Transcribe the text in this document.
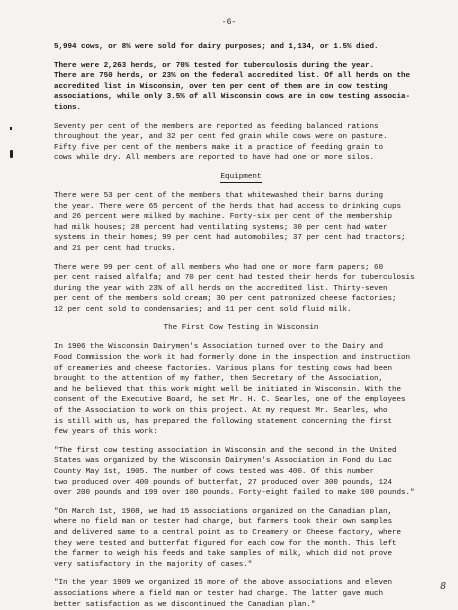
-6-

5,994 cows, or 8% were sold for dairy purposes; and 1,134, or 1.5% died.

There were 2,263 herds, or 70% tested for tuberculosis during the year.
There are 750 herds, or 23% on the federal accredited list. Of all herds on the
accredited list in Wisconsin, over ten per cent of them are in cow testing
associations, while only 3.5% of all Wisconsin cows are in cow testing associa-
tions.

Seventy per cent of the members are reported as feeding balanced rations
throughout the year, and 32 per cent fed grain while cows were on pasture.
Fifty five per cent of the members make it a practice of feeding grain to
cows while dry. All members are reported to have had one or more silos.

Equipment

There were 53 per cent of the members that whitewashed their barns during
the year. There were 65 percent of the herds that had access to drinking cups
and 26 percent were milked by machine. Forty-six per cent of the membership
had milk houses; 28 percent had ventilating systems; 30 per cent had water
systems in their homes; 99 per cent had automobiles; 37 per cent had tractors;
and 21 per cent had trucks.

There were 99 per cent of all members who had one or more farm papers; 60
per cent raised alfalfa; and 70 per cent had tested their herds for tuberculosis
during the year with 23% of all herds on the accredited list. Thirty-seven
per cent of the members sold cream; 30 per cent patronized cheese factories;
12 per cent sold to condensaries; and 11 per cent sold fluid milk.

The First Cow Testing in Wisconsin

In 1906 the Wisconsin Dairymen's Association turned over to the Dairy and
Food Commission the work it had formerly done in the inspection and instruction
of creameries and cheese factories. Various plans for testing cows had been
brought to the attention of my father, then Secretary of the Association,
and he believed that this work might well be initiated in Wisconsin. With the
consent of the Executive Board, he set Mr. H. C. Searles, one of the employees
of the Association to work on this project. At my request Mr. Searles, who
is still with us, has prepared the following statement concerning the first
few years of this work:

"The first cow testing association in Wisconsin and the second in the United
States was organized by the Wisconsin Dairymen's Association in Fond du Lac
County May 1st, 1905. The number of cows tested was 400. Of this number
two produced over 400 pounds of butterfat, 27 produced over 300 pounds, 124
over 200 pounds and 199 over 100 pounds. Forty-eight failed to make 100 pounds."

"On March 1st, 1908, we had 15 associations organized on the Canadian plan,
where no field man or tester had charge, but farmers took their own samples
and delivered same to a central point as to Creamery or Cheese factory, where
they were tested and butterfat figured for each cow for the month. This left
the farmer to weigh his feeds and take samples of milk, which did not prove
very satisfactory in the majority of cases."

"In the year 1909 we organized 15 more of the above associations and eleven
associations where a field man or tester had charge. The latter gave much
better satisfaction as we discontinued the Canadian plan."

8
